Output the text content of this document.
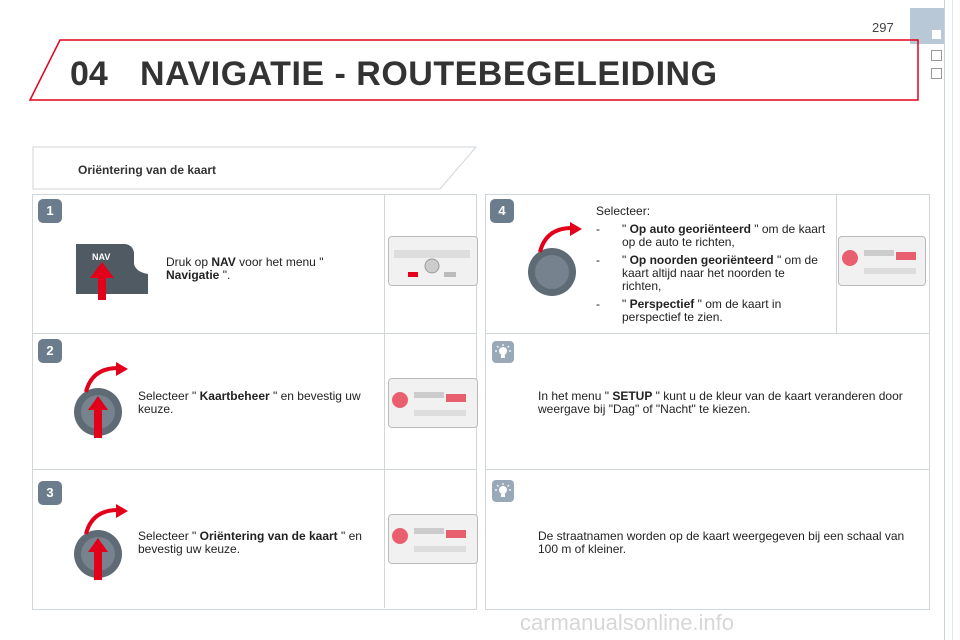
297
04 NAVIGATIE - ROUTEBEGELEIDING
Oriëntering van de kaart
1
NAV	Druk op NAV voor het menu " Navigatie ".
2
Selecteer " Kaartbeheer " en bevestig uw keuze.
3
Selecteer " Oriëntering van de kaart " en bevestig uw keuze.
4	Selecteer:
- " Op auto georiënteerd " om de kaart op de auto te richten,
- " Op noorden georiënteerd " om de kaart altijd naar het noorden te richten,
- " Perspectief " om de kaart in perspectief te zien.
In het menu " SETUP " kunt u de kleur van de kaart veranderen door weergave bij "Dag" of "Nacht" te kiezen.
De straatnamen worden op de kaart weergegeven bij een schaal van 100 m of kleiner.
carmanualsonline.info
